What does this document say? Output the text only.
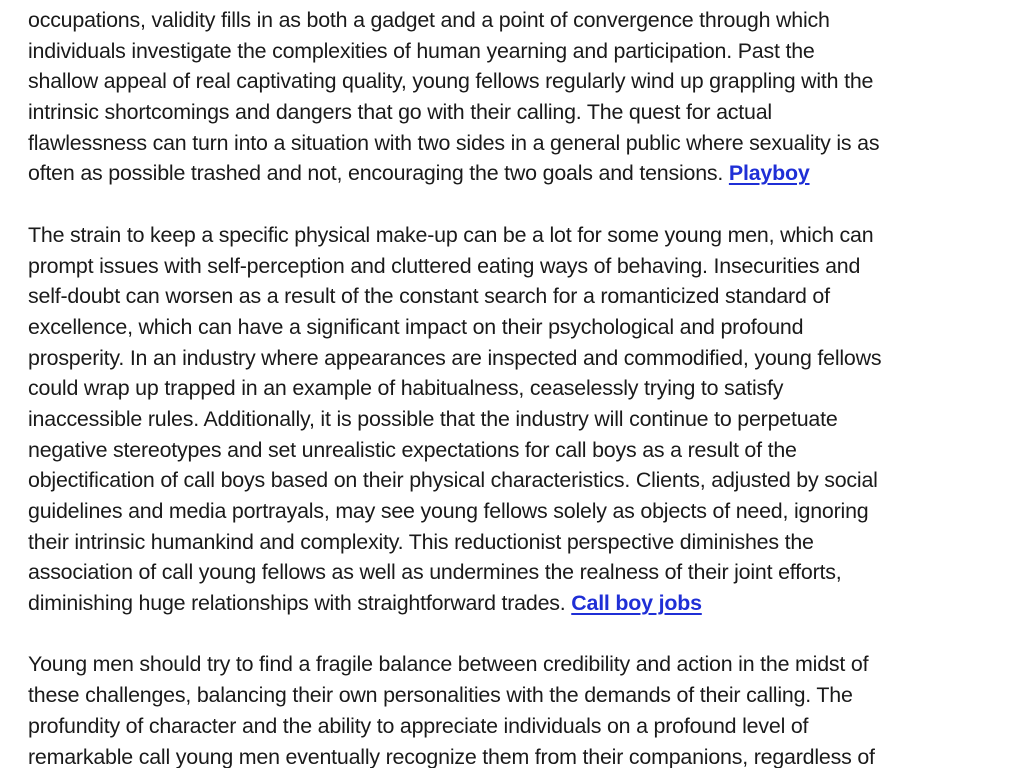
occupations, validity fills in as both a gadget and a point of convergence through which
individuals investigate the complexities of human yearning and participation. Past the
shallow appeal of real captivating quality, young fellows regularly wind up grappling with the
intrinsic shortcomings and dangers that go with their calling. The quest for actual
flawlessness can turn into a situation with two sides in a general public where sexuality is as
often as possible trashed and not, encouraging the two goals and tensions. Playboy
The strain to keep a specific physical make-up can be a lot for some young men, which can
prompt issues with self-perception and cluttered eating ways of behaving. Insecurities and
self-doubt can worsen as a result of the constant search for a romanticized standard of
excellence, which can have a significant impact on their psychological and profound
prosperity. In an industry where appearances are inspected and commodified, young fellows
could wrap up trapped in an example of habitualness, ceaselessly trying to satisfy
inaccessible rules. Additionally, it is possible that the industry will continue to perpetuate
negative stereotypes and set unrealistic expectations for call boys as a result of the
objectification of call boys based on their physical characteristics. Clients, adjusted by social
guidelines and media portrayals, may see young fellows solely as objects of need, ignoring
their intrinsic humankind and complexity. This reductionist perspective diminishes the
association of call young fellows as well as undermines the realness of their joint efforts,
diminishing huge relationships with straightforward trades. Call boy jobs
Young men should try to find a fragile balance between credibility and action in the midst of
these challenges, balancing their own personalities with the demands of their calling. The
profundity of character and the ability to appreciate individuals on a profound level of
remarkable call young men eventually recognize them from their companions, regardless of
